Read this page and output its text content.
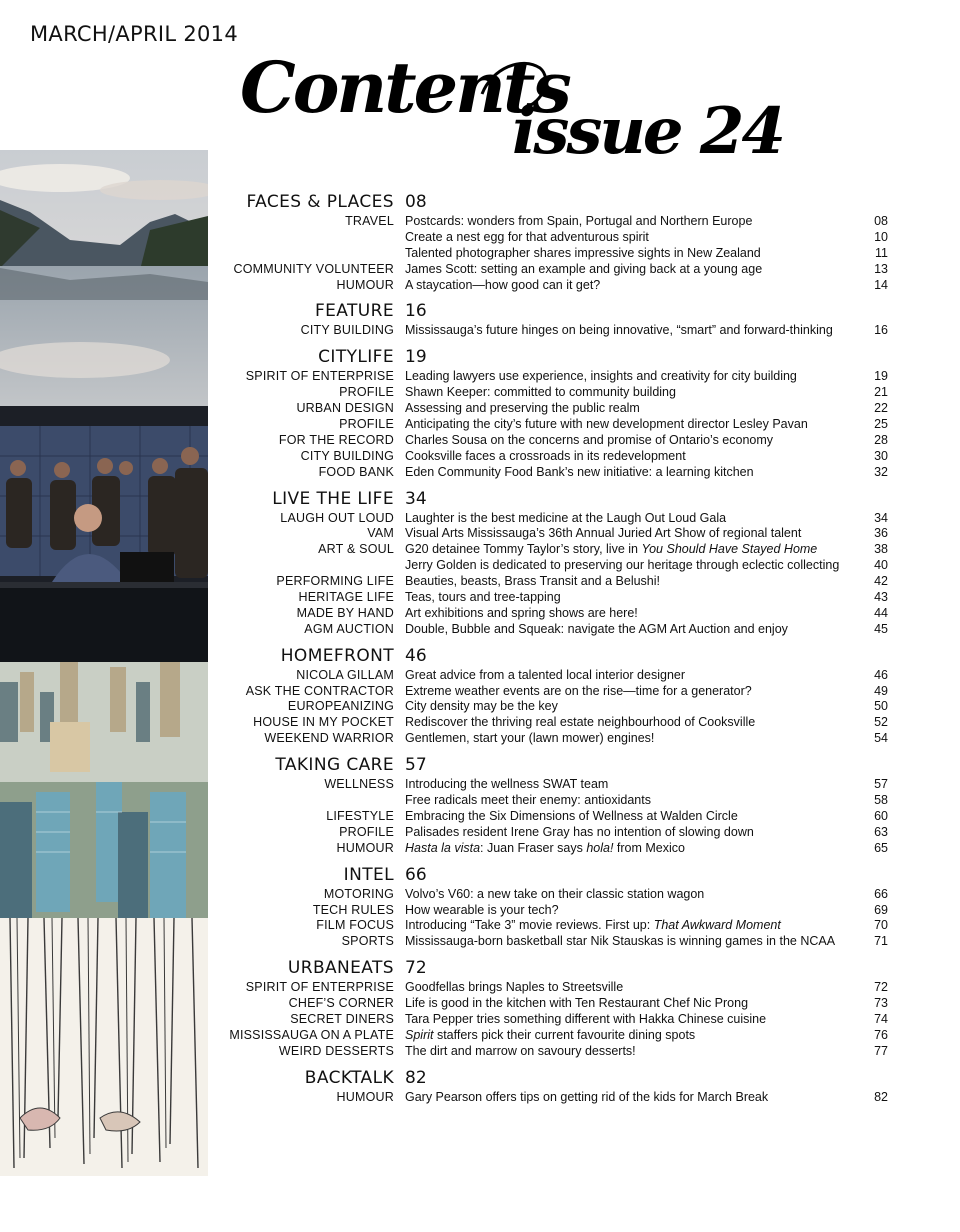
MARCH/APRIL 2014
Contents
issue 24
FACES & PLACES 08
TRAVEL Postcards: wonders from Spain, Portugal and Northern Europe	08
Create a nest egg for that adventurous spirit	10
Talented photographer shares impressive sights in New Zealand	11
COMMUNITY VOLUNTEER James Scott: setting an example and giving back at a young age	13
HUMOUR A staycation—how good can it get?	14
FEATURE 16
CITY BUILDING Mississauga’s future hinges on being innovative, “smart” and forward-thinking	16
CITYLIFE 19
SPIRIT OF ENTERPRISE Leading lawyers use experience, insights and creativity for city building	19
PROFILE Shawn Keeper: committed to community building	21
URBAN DESIGN Assessing and preserving the public realm	22
PROFILE Anticipating the city’s future with new development director Lesley Pavan	25
FOR THE RECORD Charles Sousa on the concerns and promise of Ontario’s economy	28
CITY BUILDING Cooksville faces a crossroads in its redevelopment	30
FOOD BANK Eden Community Food Bank’s new initiative: a learning kitchen	32
LIVE THE LIFE 34
LAUGH OUT LOUD Laughter is the best medicine at the Laugh Out Loud Gala	34
VAM Visual Arts Mississauga’s 36th Annual Juried Art Show of regional talent	36
ART & SOUL G20 detainee Tommy Taylor’s story, live in You Should Have Stayed Home	38
Jerry Golden is dedicated to preserving our heritage through eclectic collecting	40
PERFORMING LIFE Beauties, beasts, Brass Transit and a Belushi!	42
HERITAGE LIFE Teas, tours and tree-tapping	43
MADE BY HAND Art exhibitions and spring shows are here!	44
AGM AUCTION Double, Bubble and Squeak: navigate the AGM Art Auction and enjoy	45
HOMEFRONT 46
NICOLA GILLAM Great advice from a talented local interior designer	46
ASK THE CONTRACTOR Extreme weather events are on the rise—time for a generator?	49
EUROPEANIZING City density may be the key	50
HOUSE IN MY POCKET Rediscover the thriving real estate neighbourhood of Cooksville	52
WEEKEND WARRIOR Gentlemen, start your (lawn mower) engines!	54
TAKING CARE 57
WELLNESS Introducing the wellness SWAT team	57
Free radicals meet their enemy: antioxidants	58
LIFESTYLE Embracing the Six Dimensions of Wellness at Walden Circle	60
PROFILE Palisades resident Irene Gray has no intention of slowing down	63
HUMOUR Hasta la vista: Juan Fraser says hola! from Mexico	65
INTEL 66
MOTORING Volvo’s V60: a new take on their classic station wagon	66
TECH RULES How wearable is your tech?	69
FILM FOCUS Introducing “Take 3” movie reviews. First up: That Awkward Moment	70
SPORTS Mississauga-born basketball star Nik Stauskas is winning games in the NCAA	71
URBANEATS 72
SPIRIT OF ENTERPRISE Goodfellas brings Naples to Streetsville	72
CHEF’S CORNER Life is good in the kitchen with Ten Restaurant Chef Nic Prong	73
SECRET DINERS Tara Pepper tries something different with Hakka Chinese cuisine	74
MISSISSAUGA ON A PLATE Spirit staffers pick their current favourite dining spots	76
WEIRD DESSERTS The dirt and marrow on savoury desserts!	77
BACKTALK 82
HUMOUR Gary Pearson offers tips on getting rid of the kids for March Break	82
